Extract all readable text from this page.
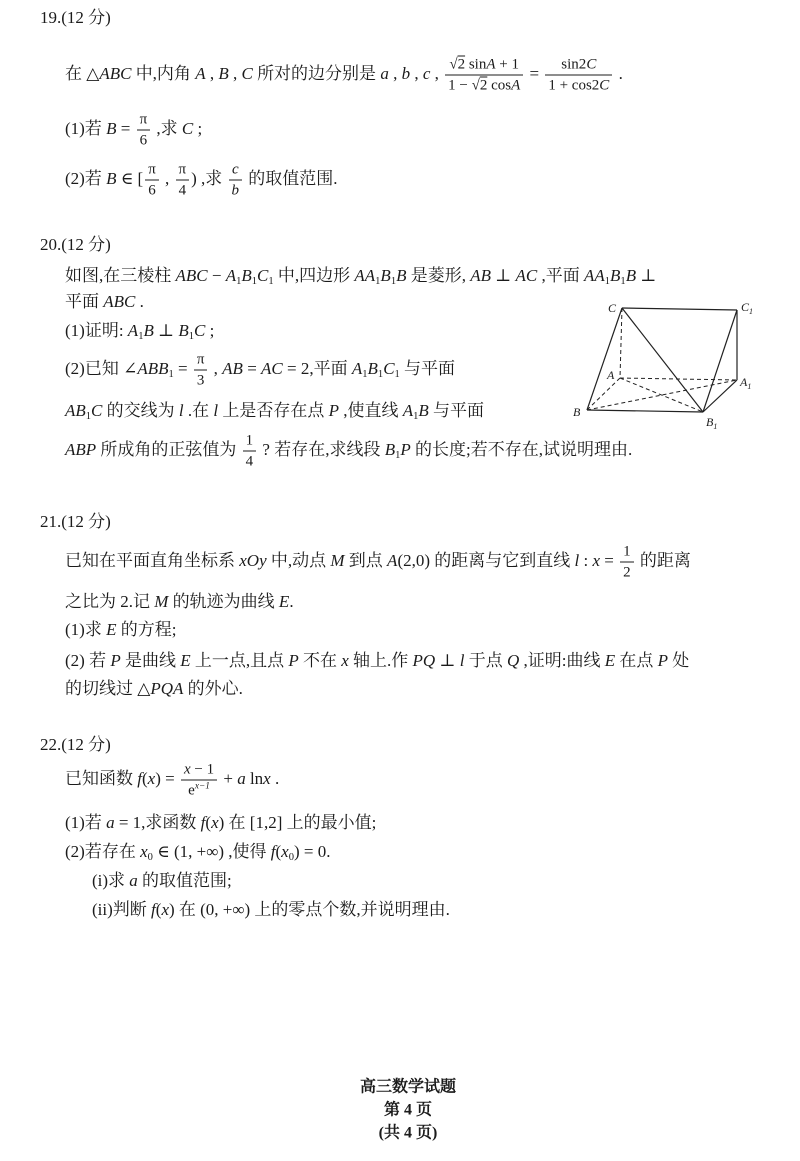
19.(12 分)
在 △ABC 中,内角 A , B , C 所对的边分别是 a , b , c , $\frac{√2 \sin A + 1}{1 - √2 \cos A} = \frac{\sin 2C}{1 + \cos 2C}$ .
(1)若 $B = \frac{\pi}{6}$ ,求 C ;
(2)若 B ∈ [ $\frac{\pi}{6}$ , $\frac{\pi}{4}$ ) ,求 $\frac{c}{b}$ 的取值范围.
20.(12 分)
如图,在三棱柱 ABC − A1B1C1 中,四边形 AA1B1B 是菱形, AB ⊥ AC ,平面 AA1B1B ⊥
平面 ABC .
(1)证明: A1B ⊥ B1C ;
(2)已知 ∠ABB1 = $\frac{\pi}{3}$ , AB = AC = 2,平面 A1B1C1 与平面
AB1C 的交线为 l .在 l 上是否存在点 P ,使直线 A1B 与平面
ABP 所成角的正弦值为 $\frac{1}{4}$ ? 若存在,求线段 B1P 的长度;若不存在,试说明理由.
C	$C_1$
A	$A_1$
B
$B_1$
21.(12 分)
已知在平面直角坐标系 xOy 中,动点 M 到点 A(2,0) 的距离与它到直线 l : $x = \frac{1}{2}$ 的距离
之比为 2.记 M 的轨迹为曲线 E.
(1)求 E 的方程;
(2) 若 P 是曲线 E 上一点,且点 P 不在 x 轴上.作 PQ ⊥ l 于点 Q ,证明:曲线 E 在点 P 处
的切线过 △PQA 的外心.
22.(12 分)
已知函数 $f(x) = \frac{x - 1}{e^{x-1}} + a$ lnx .
(1)若 a = 1,求函数 f(x) 在 [1,2] 上的最小值;
(2)若存在 x0 ∈ (1, +∞) ,使得 f(x0) = 0.
(i)求 a 的取值范围;
(ii)判断 f(x) 在 (0, +∞) 上的零点个数,并说明理由.

高三数学试题
第 4 页
(共 4 页)
